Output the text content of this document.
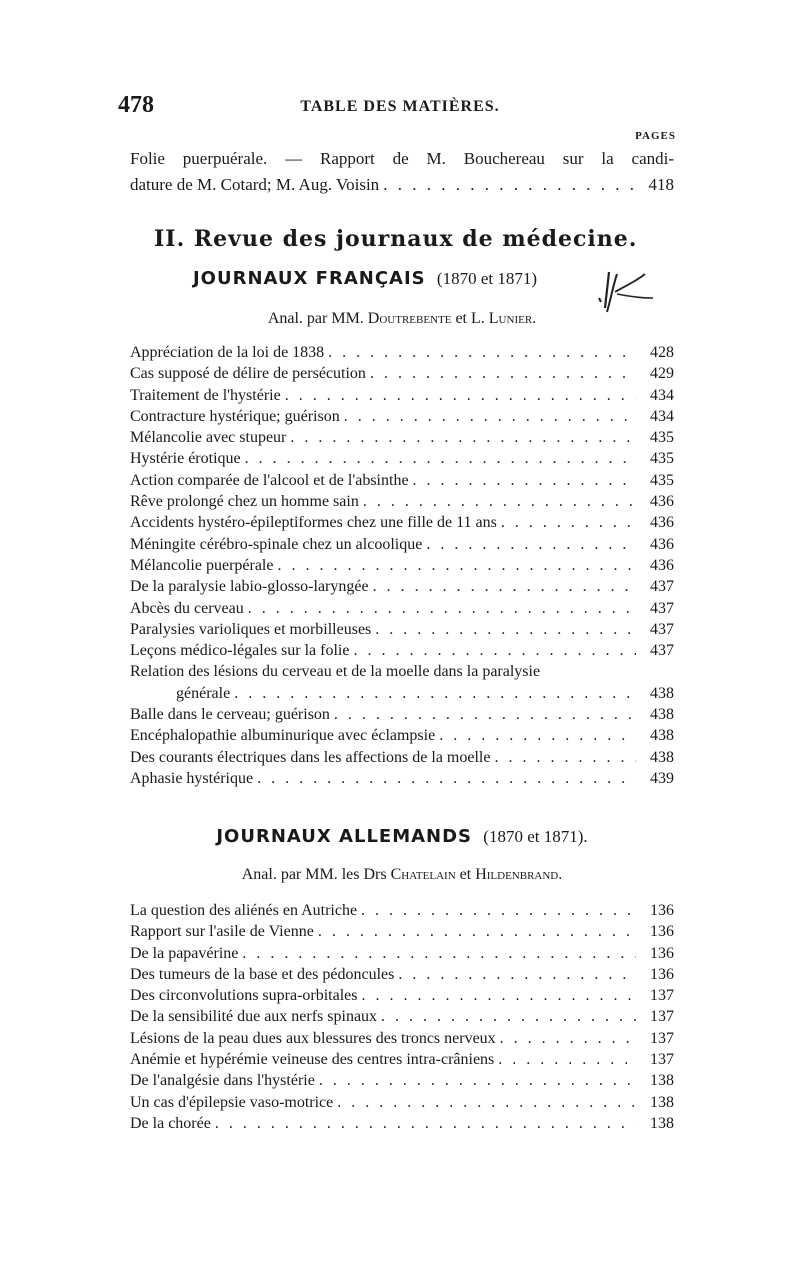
478	TABLE DES MATIÈRES.
PAGES
Folie puerpuérale. — Rapport de M. Bouchereau sur la candi-
dature de M. Cotard; M. Aug. Voisin . . .	418
II. Revue des journaux de médecine.
JOURNAUX FRANÇAIS (1870 et 1871)
Anal. par MM. Doutrebente et L. Lunier.
Appréciation de la loi de 1838 . . .	428
Cas supposé de délire de persécution . . .	429
Traitement de l'hystérie . . .	434
Contracture hystérique; guérison . . .	434
Mélancolie avec stupeur . . .	435
Hystérie érotique . . .	435
Action comparée de l'alcool et de l'absinthe . . .	435
Rêve prolongé chez un homme sain . . .	436
Accidents hystéro-épileptiformes chez une fille de 11 ans . . .	436
Méningite cérébro-spinale chez un alcoolique . . .	436
Mélancolie puerpérale . . .	436
De la paralysie labio-glosso-laryngée . . .	437
Abcès du cerveau . . .	437
Paralysies varioliques et morbilleuses . . .	437
Leçons médico-légales sur la folie . . .	437
Relation des lésions du cerveau et de la moelle dans la paralysie
générale . . .	438
Balle dans le cerveau; guérison . . .	438
Encéphalopathie albuminurique avec éclampsie . . .	438
Des courants électriques dans les affections de la moelle . . .	438
Aphasie hystérique . . .	439
JOURNAUX ALLEMANDS (1870 et 1871).
Anal. par MM. les Drs Chatelain et Hildenbrand.
La question des aliénés en Autriche . . .	136
Rapport sur l'asile de Vienne . . .	136
De la papavérine . . .	136
Des tumeurs de la base et des pédoncules . . .	136
Des circonvolutions supra-orbitales . . .	137
De la sensibilité due aux nerfs spinaux . . .	137
Lésions de la peau dues aux blessures des troncs nerveux . . .	137
Anémie et hypérémie veineuse des centres intra-crâniens . . .	137
De l'analgésie dans l'hystérie . . .	138
Un cas d'épilepsie vaso-motrice . . .	138
De la chorée . . .	138
